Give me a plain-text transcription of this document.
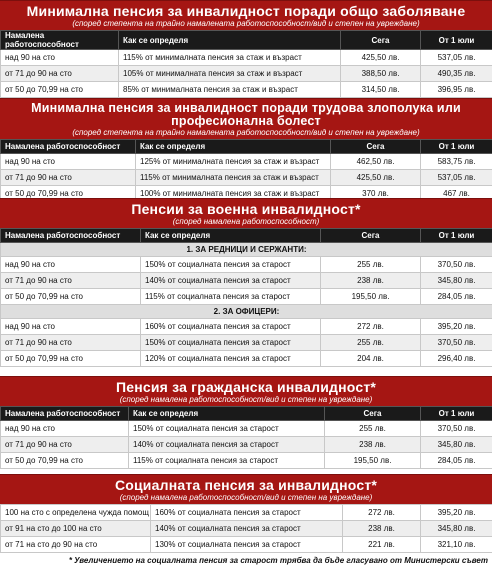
Минимална пенсия за инвалидност поради общо заболяване
(според степента на трайно намалената работоспособност/вид и степен на увреждане)
Намалена работоспособност	Как се определя	Сега	От 1 юли
над 90 на сто	115% от минималната пенсия за стаж и възраст	425,50 лв.	537,05 лв.
от 71 до 90 на сто	105% от минималната пенсия за стаж и възраст	388,50 лв.	490,35 лв.
от 50 до 70,99 на сто	85% от минималната пенсия за стаж и възраст	314,50 лв.	396,95 лв.
Минимална пенсия за инвалидност поради трудова злополука или професионална болест
(според степента на трайно намалената работоспособност/вид и степен на увреждане)
Намалена работоспособност	Как се определя	Сега	От 1 юли
над 90 на сто	125% от минималната пенсия за стаж и възраст	462,50 лв.	583,75 лв.
от 71 до 90 на сто	115% от минималната пенсия за стаж и възраст	425,50 лв.	537,05 лв.
от 50 до 70,99 на сто	100% от минималната пенсия за стаж и възраст	370 лв.	467 лв.
Пенсии за военна инвалидност*
(според намалена работоспособност)
Намалена работоспособност	Как се определя	Сега	От 1 юли
1. ЗА РЕДНИЦИ И СЕРЖАНТИ:			
над 90 на сто	150% от социалната пенсия за старост	255 лв.	370,50 лв.
от 71 до 90 на сто	140% от социалната пенсия за старост	238 лв.	345,80 лв.
от 50 до 70,99 на сто	115% от социалната пенсия за старост	195,50 лв.	284,05 лв.
2. ЗА ОФИЦЕРИ:			
над 90 на сто	160% от социалната пенсия за старост	272 лв.	395,20 лв.
от 71 до 90 на сто	150% от социалната пенсия за старост	255 лв.	370,50 лв.
от 50 до 70,99 на сто	120% от социалната пенсия за старост	204 лв.	296,40 лв.
Пенсия за гражданска инвалидност*
(според намалена работоспособност/вид и степен на увреждане)
Намалена работоспособност	Как се определя	Сега	От 1 юли
над 90 на сто	150% от социалната пенсия за старост	255 лв.	370,50 лв.
от 71 до 90 на сто	140% от социалната пенсия за старост	238 лв.	345,80 лв.
от 50 до 70,99 на сто	115% от социалната пенсия за старост	195,50 лв.	284,05 лв.
Социалната пенсия за инвалидност*
(според намалена работоспособност/вид и степен на увреждане)
100 на сто с определена чужда помощ	160% от социалната пенсия за старост	272 лв.	395,20 лв.
от 91 на сто до 100 на сто	140% от социалната пенсия за старост	238 лв.	345,80 лв.
от 71 на сто до 90 на сто	130% от социалната пенсия за старост	221 лв.	321,10 лв.
* Увеличението на социалната пенсия за старост трябва да бъде гласувано от Министерски съвет
